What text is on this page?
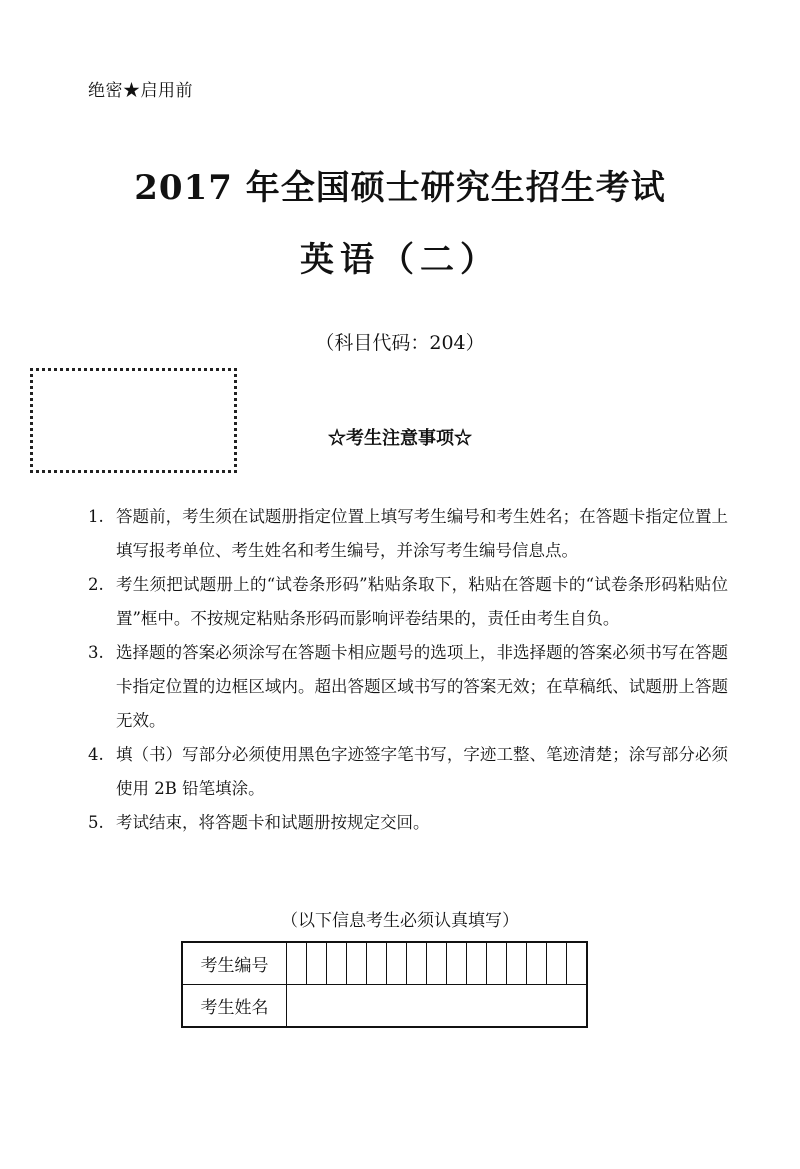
绝密★启用前
2017 年全国硕士研究生招生考试
英语（二）
（科目代码：204）
☆考生注意事项☆
1. 答题前，考生须在试题册指定位置上填写考生编号和考生姓名；在答题卡指定位置上填写报考单位、考生姓名和考生编号，并涂写考生编号信息点。
2. 考生须把试题册上的“试卷条形码”粘贴条取下，粘贴在答题卡的“试卷条形码粘贴位置”框中。不按规定粘贴条形码而影响评卷结果的，责任由考生自负。
3. 选择题的答案必须涂写在答题卡相应题号的选项上，非选择题的答案必须书写在答题卡指定位置的边框区域内。超出答题区域书写的答案无效；在草稿纸、试题册上答题无效。
4. 填（书）写部分必须使用黑色字迹签字笔书写，字迹工整、笔迹清楚；涂写部分必须使用 2B 铅笔填涂。
5. 考试结束，将答题卡和试题册按规定交回。
（以下信息考生必须认真填写）
考生编号															
考生姓名															
